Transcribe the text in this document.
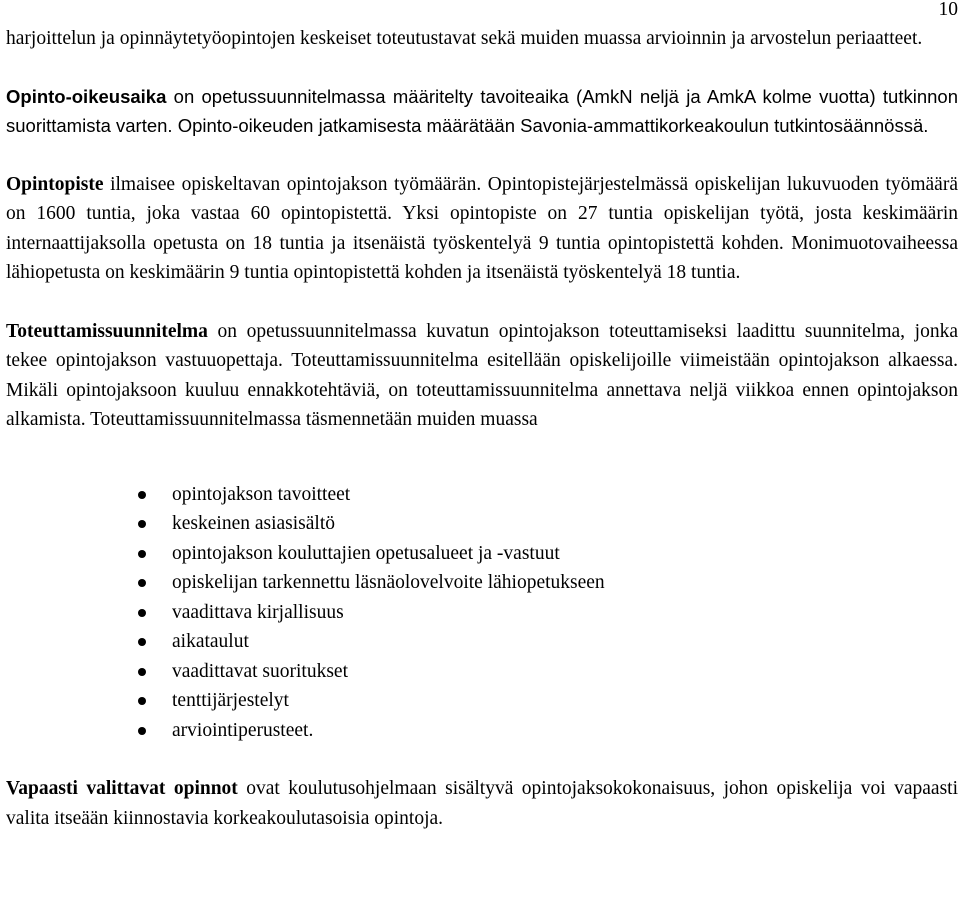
10

harjoittelun ja opinnäytetyöopintojen keskeiset toteutustavat sekä muiden muassa arvioinnin ja arvostelun periaatteet.

Opinto-oikeusaika on opetussuunnitelmassa määritelty tavoiteaika (AmkN neljä ja AmkA kolme vuotta) tutkinnon suorittamista varten. Opinto-oikeuden jatkamisesta määrätään Savonia-ammattikorkeakoulun tutkintosäännössä.

Opintopiste ilmaisee opiskeltavan opintojakson työmäärän. Opintopistejärjestelmässä opiskelijan lukuvuoden työmäärä on 1600 tuntia, joka vastaa 60 opintopistettä. Yksi opintopiste on 27 tuntia opiskelijan työtä, josta keskimäärin internaattijaksolla opetusta on 18 tuntia ja itsenäistä työskentelyä 9 tuntia opintopistettä kohden. Monimuotovaiheessa lähiopetusta on keskimäärin 9 tuntia opintopistettä kohden ja itsenäistä työskentelyä 18 tuntia.

Toteuttamissuunnitelma on opetussuunnitelmassa kuvatun opintojakson toteuttamiseksi laadittu suunnitelma, jonka tekee opintojakson vastuuopettaja. Toteuttamissuunnitelma esitellään opiskelijoille viimeistään opintojakson alkaessa. Mikäli opintojaksoon kuuluu ennakkotehtäviä, on toteuttamissuunnitelma annettava neljä viikkoa ennen opintojakson alkamista. Toteuttamissuunnitelmassa täsmennetään muiden muassa

opintojakson tavoitteet
keskeinen asiasisältö
opintojakson kouluttajien opetusalueet ja -vastuut
opiskelijan tarkennettu läsnäolovelvoite lähiopetukseen
vaadittava kirjallisuus
aikataulut
vaadittavat suoritukset
tenttijärjestelyt
arviointiperusteet.

Vapaasti valittavat opinnot ovat koulutusohjelmaan sisältyvä opintojaksokokonaisuus, johon opiskelija voi vapaasti valita itseään kiinnostavia korkeakoulutasoisia opintoja.
